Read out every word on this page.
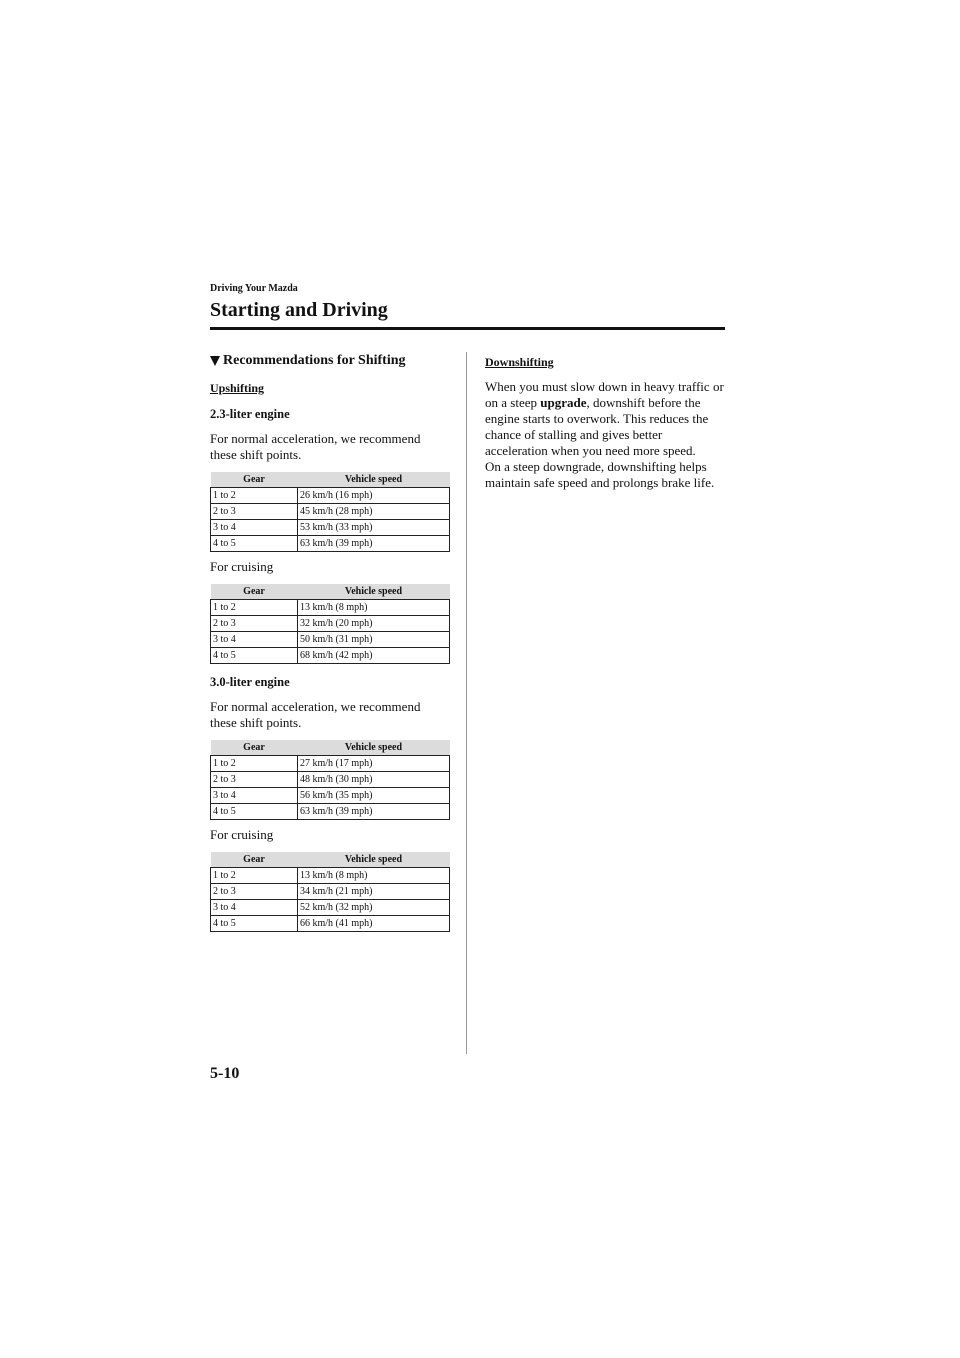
Driving Your Mazda
Starting and Driving
Recommendations for Shifting
Upshifting
2.3-liter engine
For normal acceleration, we recommend these shift points.
Gear	Vehicle speed
1 to 2	26 km/h (16 mph)
2 to 3	45 km/h (28 mph)
3 to 4	53 km/h (33 mph)
4 to 5	63 km/h (39 mph)
For cruising
Gear	Vehicle speed
1 to 2	13 km/h (8 mph)
2 to 3	32 km/h (20 mph)
3 to 4	50 km/h (31 mph)
4 to 5	68 km/h (42 mph)
3.0-liter engine
For normal acceleration, we recommend these shift points.
Gear	Vehicle speed
1 to 2	27 km/h (17 mph)
2 to 3	48 km/h (30 mph)
3 to 4	56 km/h (35 mph)
4 to 5	63 km/h (39 mph)
For cruising
Gear	Vehicle speed
1 to 2	13 km/h (8 mph)
2 to 3	34 km/h (21 mph)
3 to 4	52 km/h (32 mph)
4 to 5	66 km/h (41 mph)
Downshifting
When you must slow down in heavy traffic or on a steep upgrade, downshift before the engine starts to overwork. This reduces the chance of stalling and gives better acceleration when you need more speed.
On a steep downgrade, downshifting helps maintain safe speed and prolongs brake life.
5-10
